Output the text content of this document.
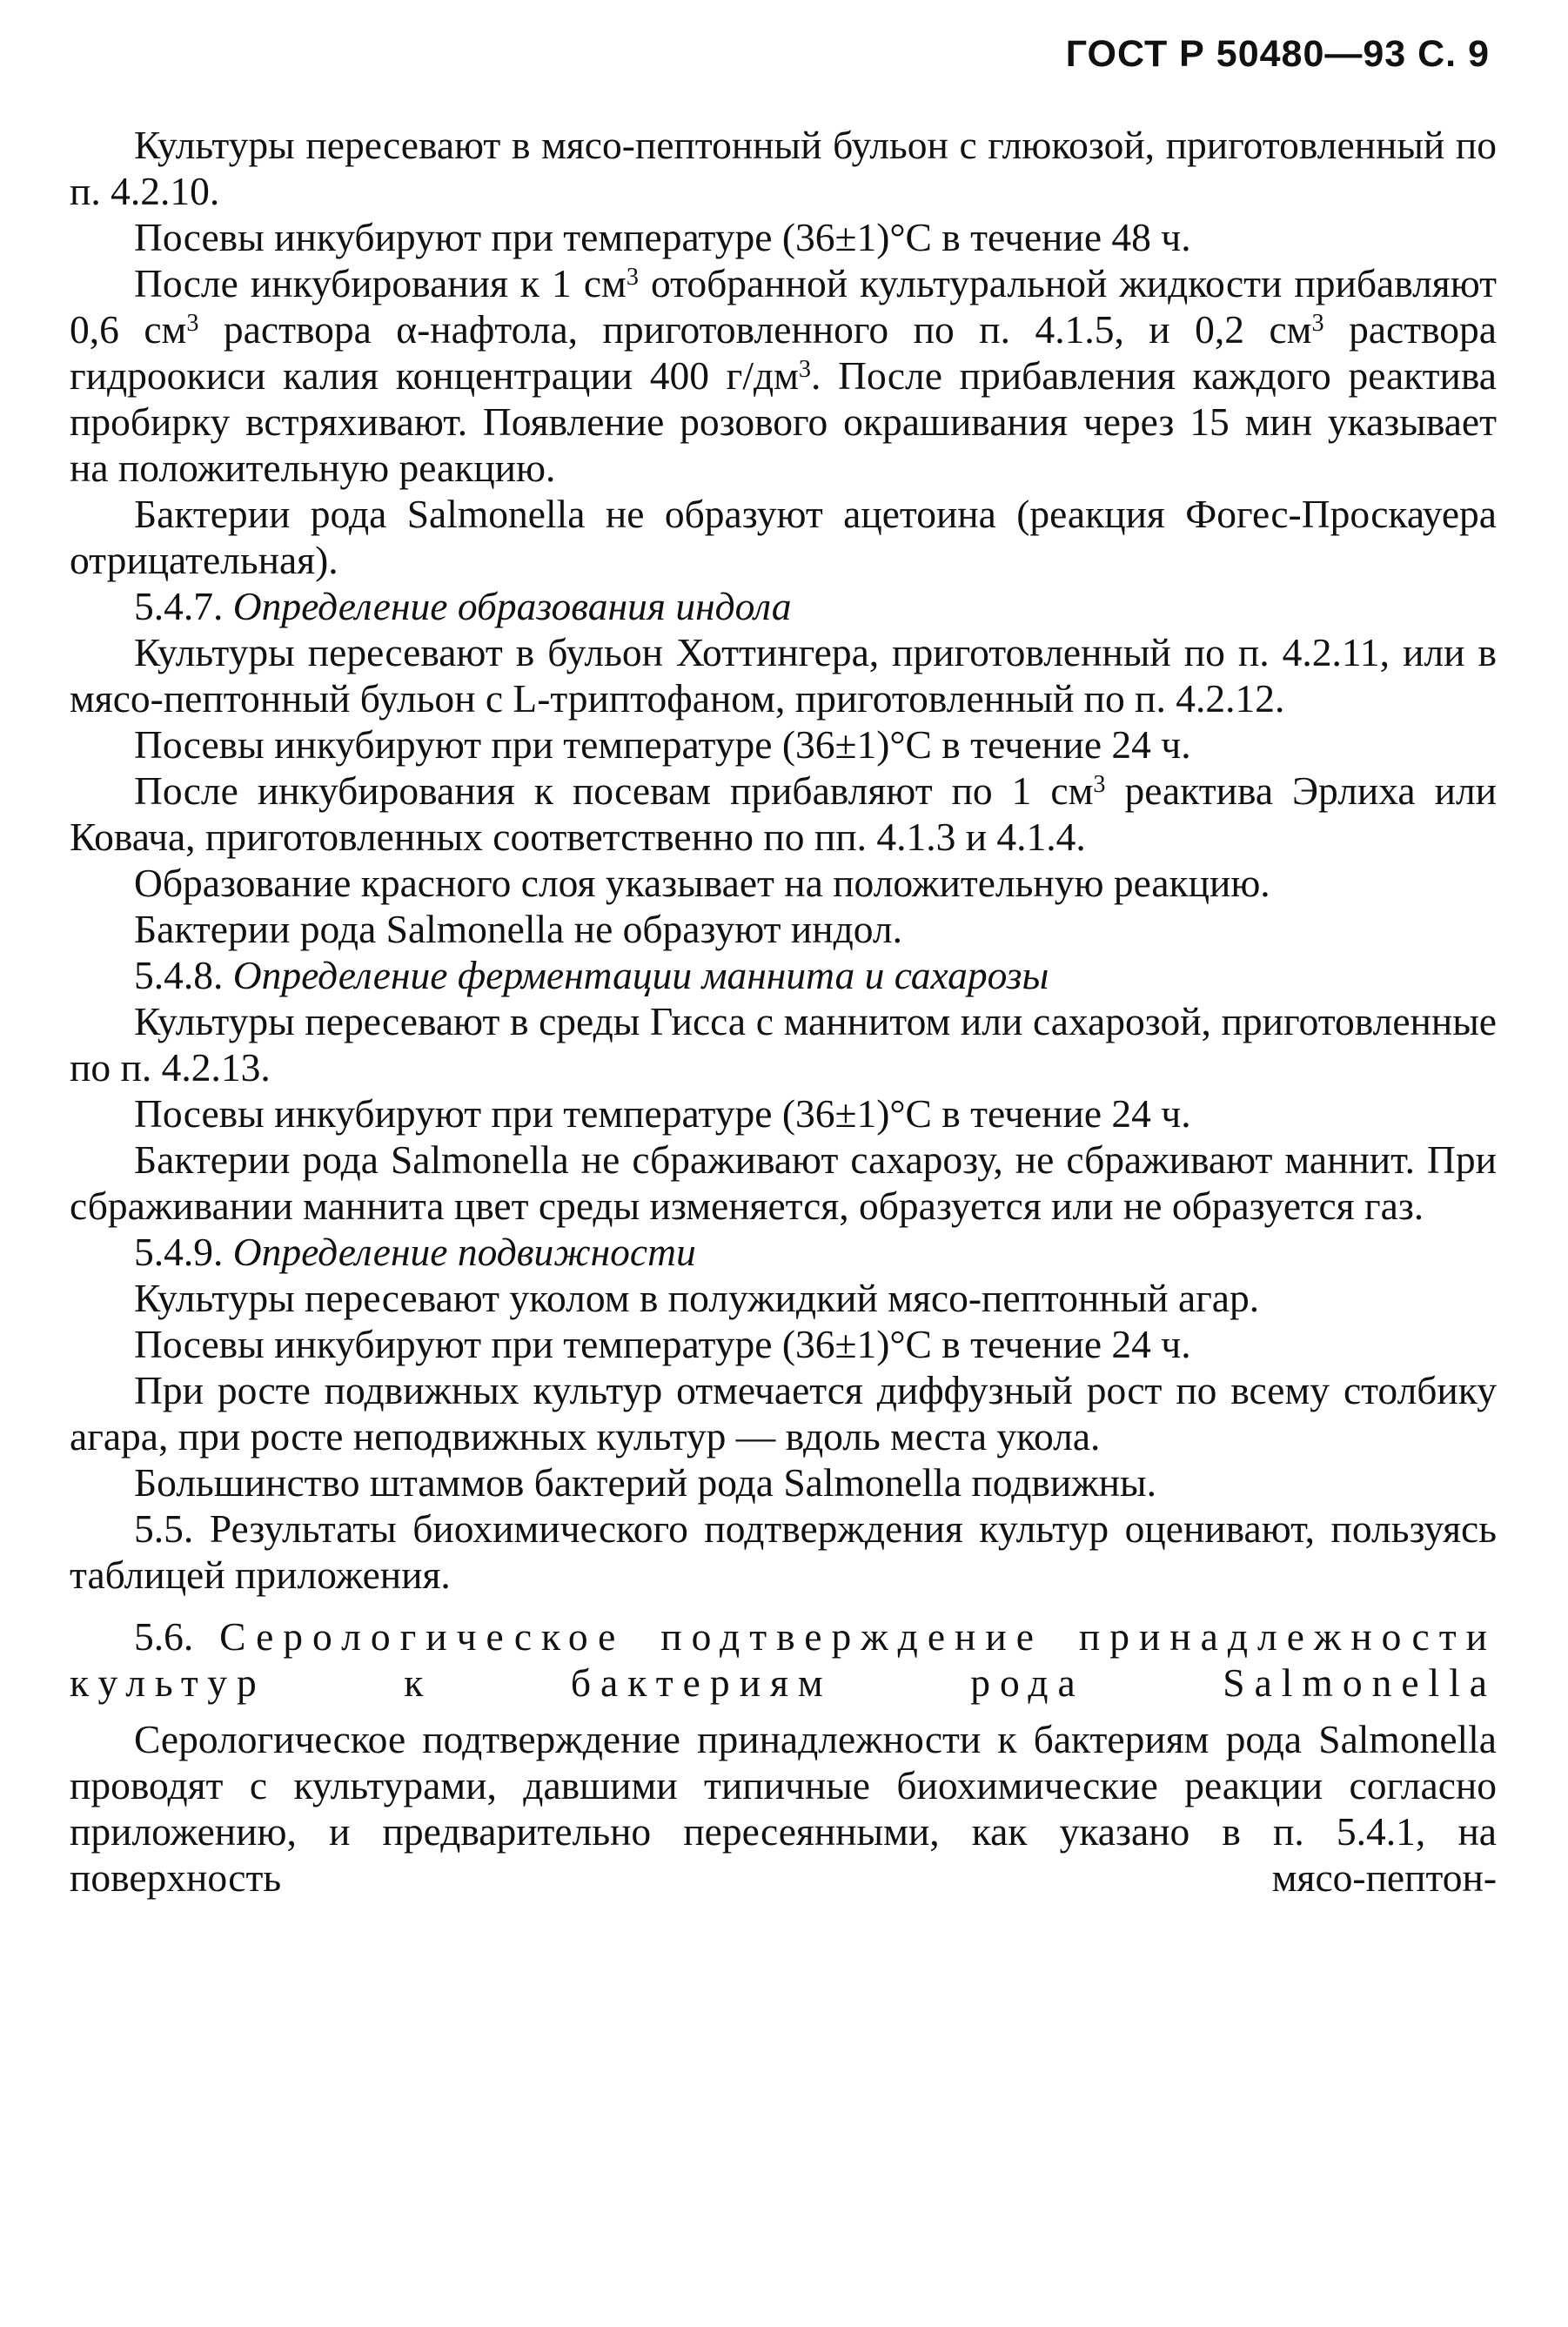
ГОСТ Р 50480—93 С. 9

Культуры пересевают в мясо-пептонный бульон с глюкозой, приготовленный по п. 4.2.10.

Посевы инкубируют при температуре (36±1)°С в течение 48 ч.

После инкубирования к 1 $см^3$ отобранной культуральной жидкости прибавляют 0,6 $см^3$ раствора α-нафтола, приготовленного по п. 4.1.5, и 0,2 $см^3$ раствора гидроокиси калия концентрации 400 $г/дм^3$. После прибавления каждого реактива пробирку встряхивают. Появление розового окрашивания через 15 мин указывает на положительную реакцию.

Бактерии рода Salmonella не образуют ацетоина (реакция Фогес-Проскауера отрицательная).

5.4.7. Определение образования индола

Культуры пересевают в бульон Хоттингера, приготовленный по п. 4.2.11, или в мясо-пептонный бульон с L-триптофаном, приготовленный по п. 4.2.12.

Посевы инкубируют при температуре (36±1)°С в течение 24 ч.

После инкубирования к посевам прибавляют по 1 $см^3$ реактива Эрлиха или Ковача, приготовленных соответственно по пп. 4.1.3 и 4.1.4.

Образование красного слоя указывает на положительную реакцию.

Бактерии рода Salmonella не образуют индол.

5.4.8. Определение ферментации маннита и сахарозы

Культуры пересевают в среды Гисса с маннитом или сахарозой, приготовленные по п. 4.2.13.

Посевы инкубируют при температуре (36±1)°С в течение 24 ч.

Бактерии рода Salmonella не сбраживают сахарозу, не сбраживают маннит. При сбраживании маннита цвет среды изменяется, образуется или не образуется газ.

5.4.9. Определение подвижности

Культуры пересевают уколом в полужидкий мясо-пептонный агар.

Посевы инкубируют при температуре (36±1)°С в течение 24 ч.

При росте подвижных культур отмечается диффузный рост по всему столбику агара, при росте неподвижных культур — вдоль места укола.

Большинство штаммов бактерий рода Salmonella подвижны.

5.5. Результаты биохимического подтверждения культур оценивают, пользуясь таблицей приложения.

5.6. Серологическое подтверждение принадлежности культур к бактериям рода Salmonella

Серологическое подтверждение принадлежности к бактериям рода Salmonella проводят с культурами, давшими типичные биохимические реакции согласно приложению, и предварительно пересеянными, как указано в п. 5.4.1, на поверхность мясо-пептон-
